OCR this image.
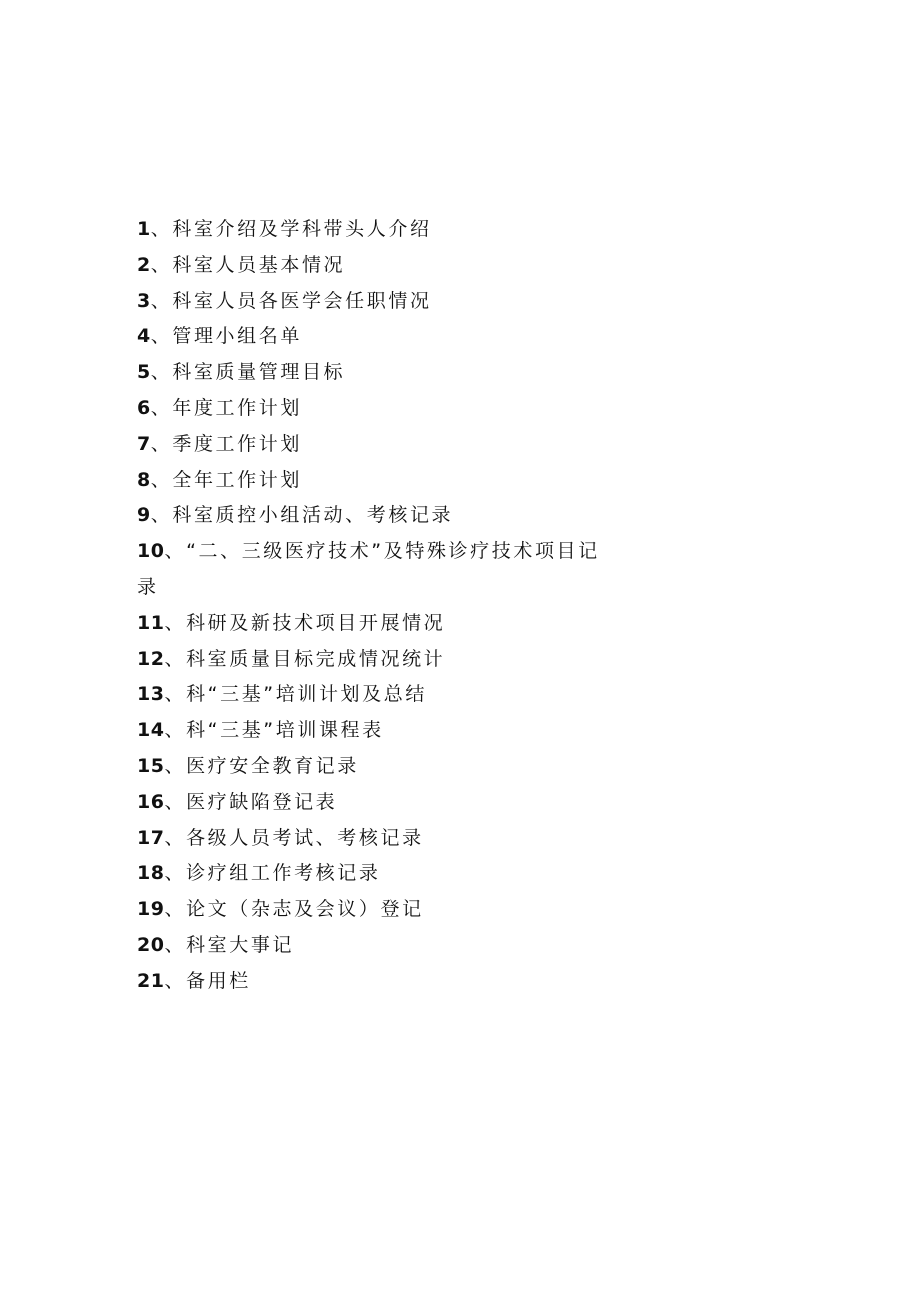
1、科室介绍及学科带头人介绍
2、科室人员基本情况
3、科室人员各医学会任职情况
4、管理小组名单
5、科室质量管理目标
6、年度工作计划
7、季度工作计划
8、全年工作计划
9、科室质控小组活动、考核记录
10、“二、三级医疗技术”及特殊诊疗技术项目记录
11、科研及新技术项目开展情况
12、科室质量目标完成情况统计
13、科“三基”培训计划及总结
14、科“三基”培训课程表
15、医疗安全教育记录
16、医疗缺陷登记表
17、各级人员考试、考核记录
18、诊疗组工作考核记录
19、论文（杂志及会议）登记
20、科室大事记
21、备用栏
